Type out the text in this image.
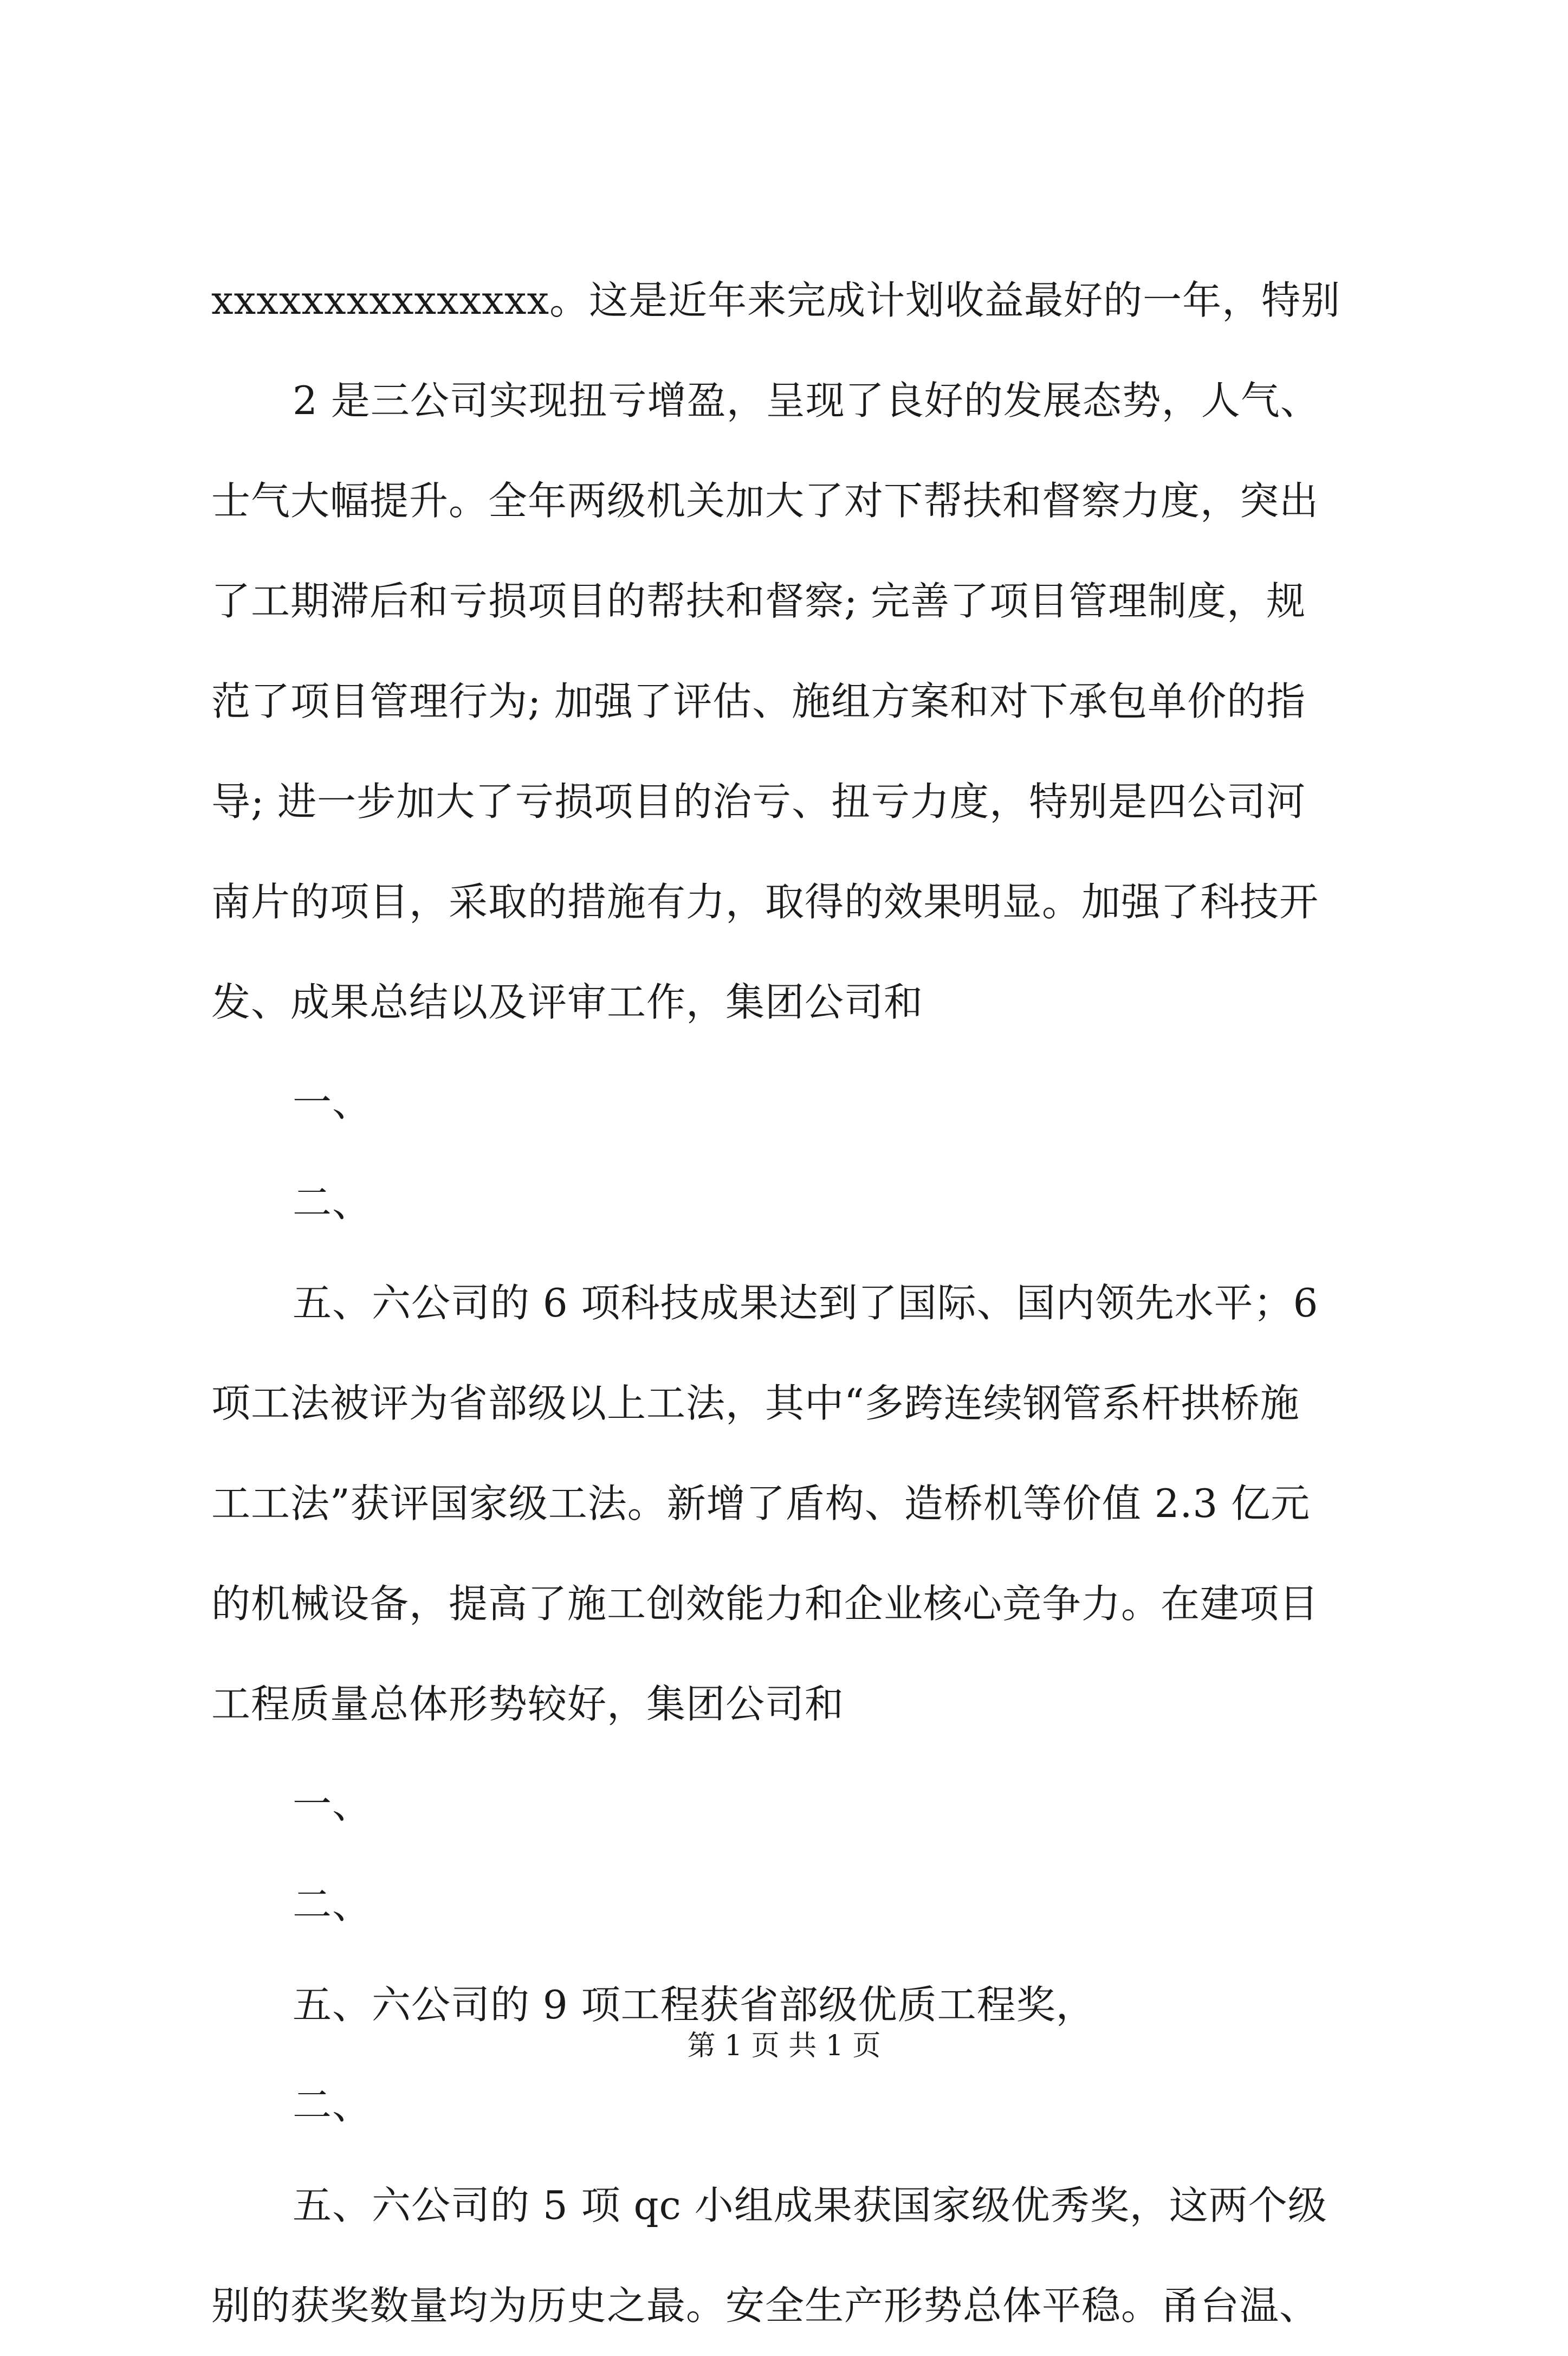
xxxxxxxxxxxxxxx。这是近年来完成计划收益最好的一年，特别
2 是三公司实现扭亏增盈，呈现了良好的发展态势，人气、
士气大幅提升。全年两级机关加大了对下帮扶和督察力度，突出
了工期滞后和亏损项目的帮扶和督察; 完善了项目管理制度，规
范了项目管理行为; 加强了评估、施组方案和对下承包单价的指
导; 进一步加大了亏损项目的治亏、扭亏力度，特别是四公司河
南片的项目，采取的措施有力，取得的效果明显。加强了科技开
发、成果总结以及评审工作，集团公司和
一、
二、
五、六公司的 6 项科技成果达到了国际、国内领先水平；6
项工法被评为省部级以上工法，其中“多跨连续钢管系杆拱桥施
工工法”获评国家级工法。新增了盾构、造桥机等价值 2.3 亿元
的机械设备，提高了施工创效能力和企业核心竞争力。在建项目
工程质量总体形势较好，集团公司和
一、
二、
五、六公司的 9 项工程获省部级优质工程奖，
二、
五、六公司的 5 项 qc 小组成果获国家级优秀奖，这两个级
别的获奖数量均为历史之最。安全生产形势总体平稳。甬台温、
第 1 页 共 1 页
